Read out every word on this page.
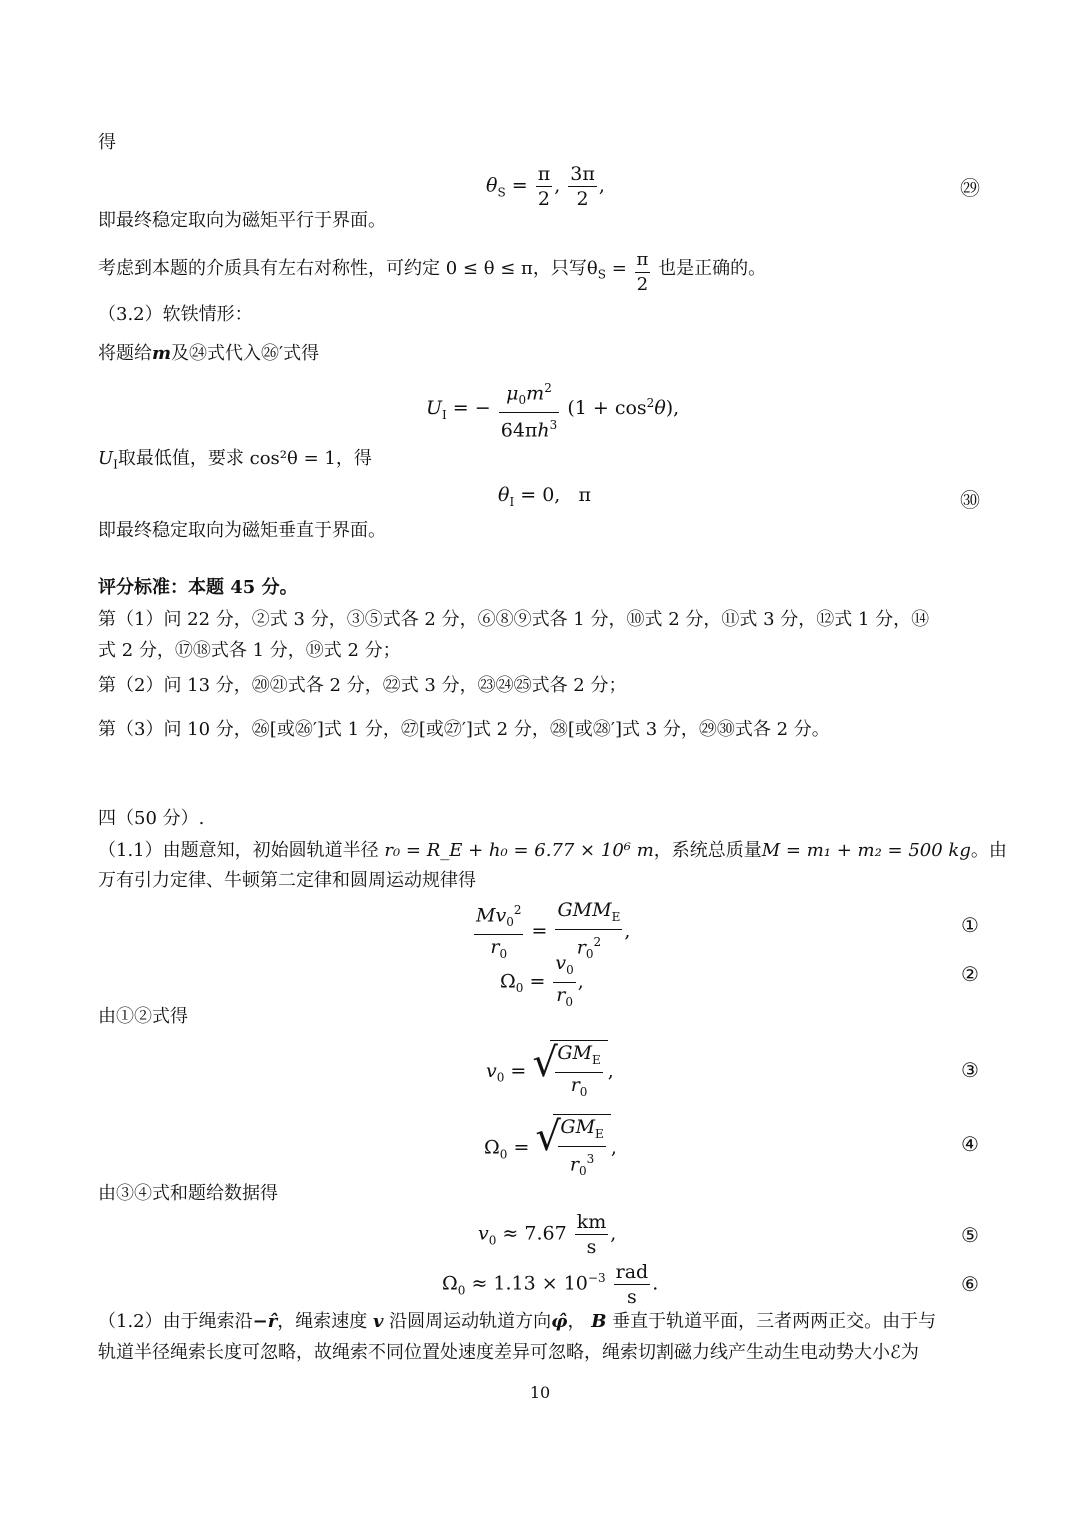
得
$\theta_S = \frac{\pi}{2}$ , $\frac{3\pi}{2}$ ,	㉙
即最终稳定取向为磁矩平行于界面。
考虑到本题的介质具有左右对称性，可约定 0 ≤ θ ≤ π，只写$\theta_S = \frac{\pi}{2}$ 也是正确的。
（3.2）软铁情形：
将题给m及㉔式代入㉖′式得
$U_I$ = − $\frac{\mu_0m^2}{64\pi h^3} (1 + \cos^2\theta)$,
$U_I$取最低值，要求 cos²θ = 1，得
$\theta_I = 0$,   π	㉚
即最终稳定取向为磁矩垂直于界面。
评分标准：本题 45 分。
第（1）问 22 分，②式 3 分，③⑤式各 2 分，⑥⑧⑨式各 1 分，⑩式 2 分，⑪式 3 分，⑫式 1 分，⑭
式 2 分，⑰⑱式各 1 分，⑲式 2 分；
第（2）问 13 分，⑳㉑式各 2 分，㉒式 3 分，㉓㉔㉕式各 2 分；
第（3）问 10 分，㉖[或㉖′]式 1 分，㉗[或㉗′]式 2 分，㉘[或㉘′]式 3 分，㉙㉚式各 2 分。
四（50 分）.
（1.1）由题意知，初始圆轨道半径 r₀ = R_E + h₀ = 6.77 × 10⁶ m，系统总质量M = m₁ + m₂ = 500 kg。由
万有引力定律、牛顿第二定律和圆周运动规律得
$\frac{Mv_0^2}{r_0} = \frac{GMM_E}{r_0^2}$ ,	①
$\Omega_0 = \frac{v_0}{r_0}$ ,	②
由①②式得
$v_0$ = √
$\frac{GM_E}{r_0}$ ,	③
$\Omega_0$ = √
$\frac{GM_E}{r_0^3}$ ,	④
由③④式和题给数据得
$v_0 \approx 7.67 \frac{km}{s}$ ,	⑤
$\Omega_0 \approx 1.13 \times 10^{-3} \frac{\text{rad}}{s}$ .	⑥
（1.2）由于绳索沿−r̂，绳索速度 v 沿圆周运动轨道方向φ̂， B 垂直于轨道平面，三者两两正交。由于与
轨道半径绳索长度可忽略，故绳索不同位置处速度差异可忽略，绳索切割磁力线产生动生电动势大小ℰ为
10
